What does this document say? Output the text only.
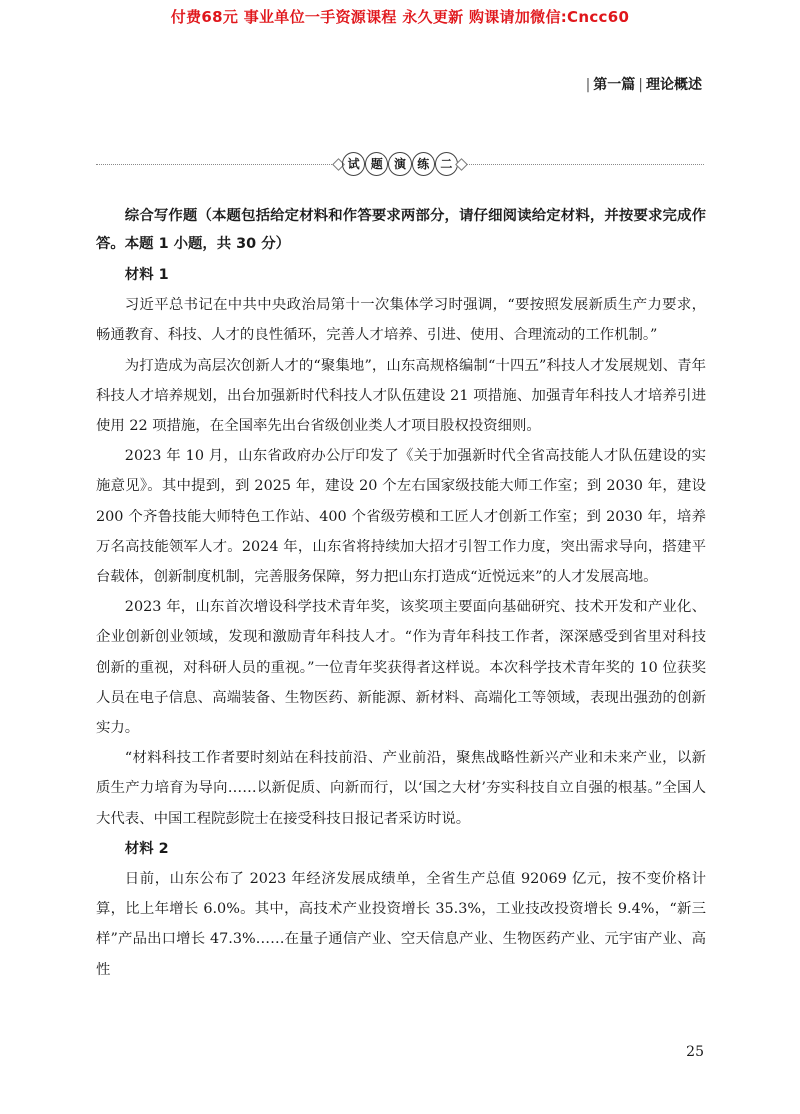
付费68元 事业单位一手资源课程 永久更新 购课请加微信:Cncc60
| 第一篇 | 理论概述
试 题 演 练 二

综合写作题（本题包括给定材料和作答要求两部分，请仔细阅读给定材料，并按要求完成作答。本题 1 小题，共 30 分）

材料 1

习近平总书记在中共中央政治局第十一次集体学习时强调，“要按照发展新质生产力要求，畅通教育、科技、人才的良性循环，完善人才培养、引进、使用、合理流动的工作机制。”

为打造成为高层次创新人才的“聚集地”，山东高规格编制“十四五”科技人才发展规划、青年科技人才培养规划，出台加强新时代科技人才队伍建设 21 项措施、加强青年科技人才培养引进使用 22 项措施，在全国率先出台省级创业类人才项目股权投资细则。

2023 年 10 月，山东省政府办公厅印发了《关于加强新时代全省高技能人才队伍建设的实施意见》。其中提到，到 2025 年，建设 20 个左右国家级技能大师工作室；到 2030 年，建设 200 个齐鲁技能大师特色工作站、400 个省级劳模和工匠人才创新工作室；到 2030 年，培养万名高技能领军人才。2024 年，山东省将持续加大招才引智工作力度，突出需求导向，搭建平台载体，创新制度机制，完善服务保障，努力把山东打造成“近悦远来”的人才发展高地。

2023 年，山东首次增设科学技术青年奖，该奖项主要面向基础研究、技术开发和产业化、企业创新创业领域，发现和激励青年科技人才。“作为青年科技工作者，深深感受到省里对科技创新的重视，对科研人员的重视。”一位青年奖获得者这样说。本次科学技术青年奖的 10 位获奖人员在电子信息、高端装备、生物医药、新能源、新材料、高端化工等领域，表现出强劲的创新实力。

“材料科技工作者要时刻站在科技前沿、产业前沿，聚焦战略性新兴产业和未来产业，以新质生产力培育为导向……以新促质、向新而行，以‘国之大材’夯实科技自立自强的根基。”全国人大代表、中国工程院彭院士在接受科技日报记者采访时说。

材料 2

日前，山东公布了 2023 年经济发展成绩单，全省生产总值 92069 亿元，按不变价格计算，比上年增长 6.0%。其中，高技术产业投资增长 35.3%，工业技改投资增长 9.4%，“新三样”产品出口增长 47.3%……在量子通信产业、空天信息产业、生物医药产业、元宇宙产业、高性

25
